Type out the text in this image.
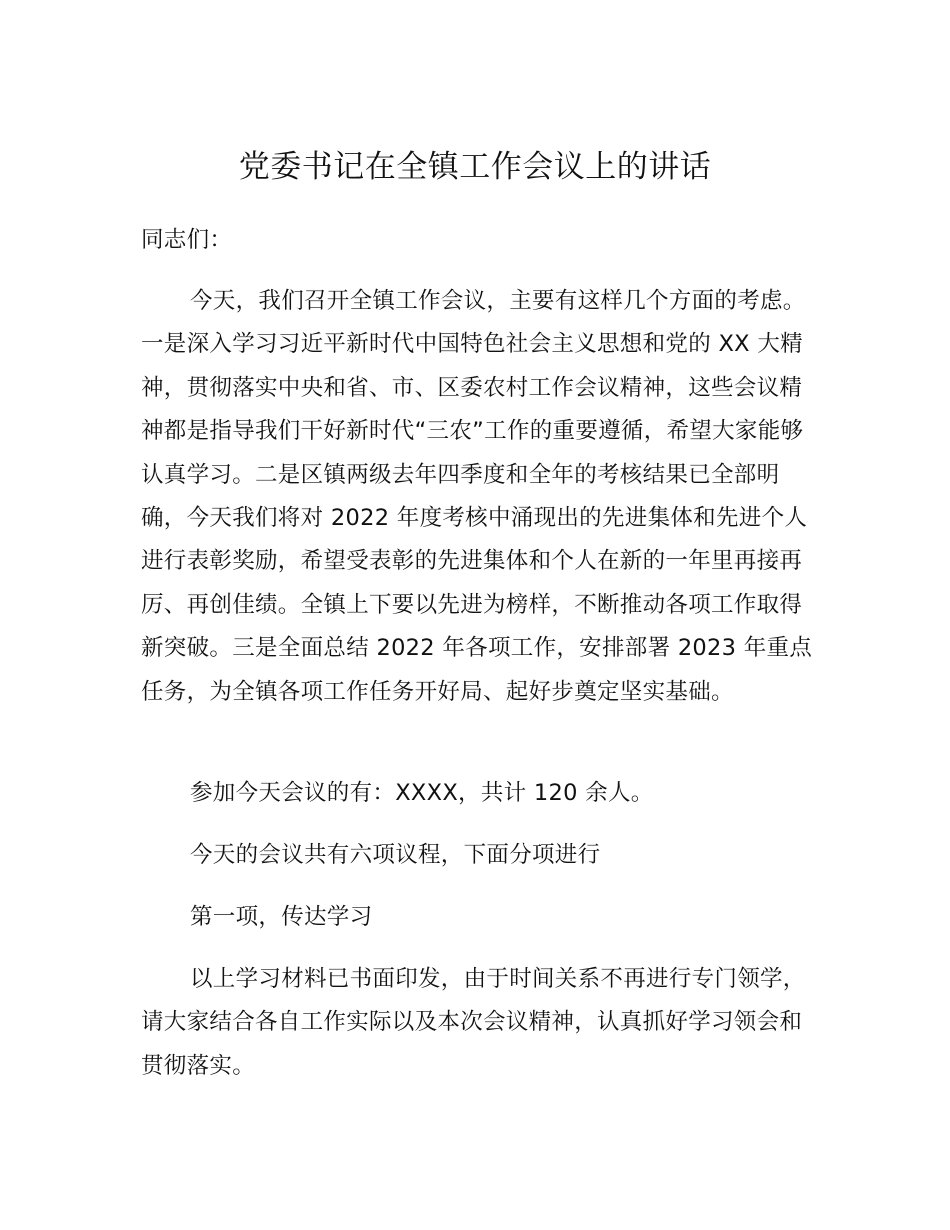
党委书记在全镇工作会议上的讲话

同志们：

今天，我们召开全镇工作会议，主要有这样几个方面的考虑。一是深入学习习近平新时代中国特色社会主义思想和党的 XX 大精神，贯彻落实中央和省、市、区委农村工作会议精神，这些会议精神都是指导我们干好新时代“三农”工作的重要遵循，希望大家能够认真学习。二是区镇两级去年四季度和全年的考核结果已全部明确，今天我们将对 2022 年度考核中涌现出的先进集体和先进个人进行表彰奖励，希望受表彰的先进集体和个人在新的一年里再接再厉、再创佳绩。全镇上下要以先进为榜样，不断推动各项工作取得新突破。三是全面总结 2022 年各项工作，安排部署 2023 年重点任务，为全镇各项工作任务开好局、起好步奠定坚实基础。

参加今天会议的有：XXXX，共计 120 余人。

今天的会议共有六项议程，下面分项进行

第一项，传达学习

以上学习材料已书面印发，由于时间关系不再进行专门领学，请大家结合各自工作实际以及本次会议精神，认真抓好学习领会和贯彻落实。
